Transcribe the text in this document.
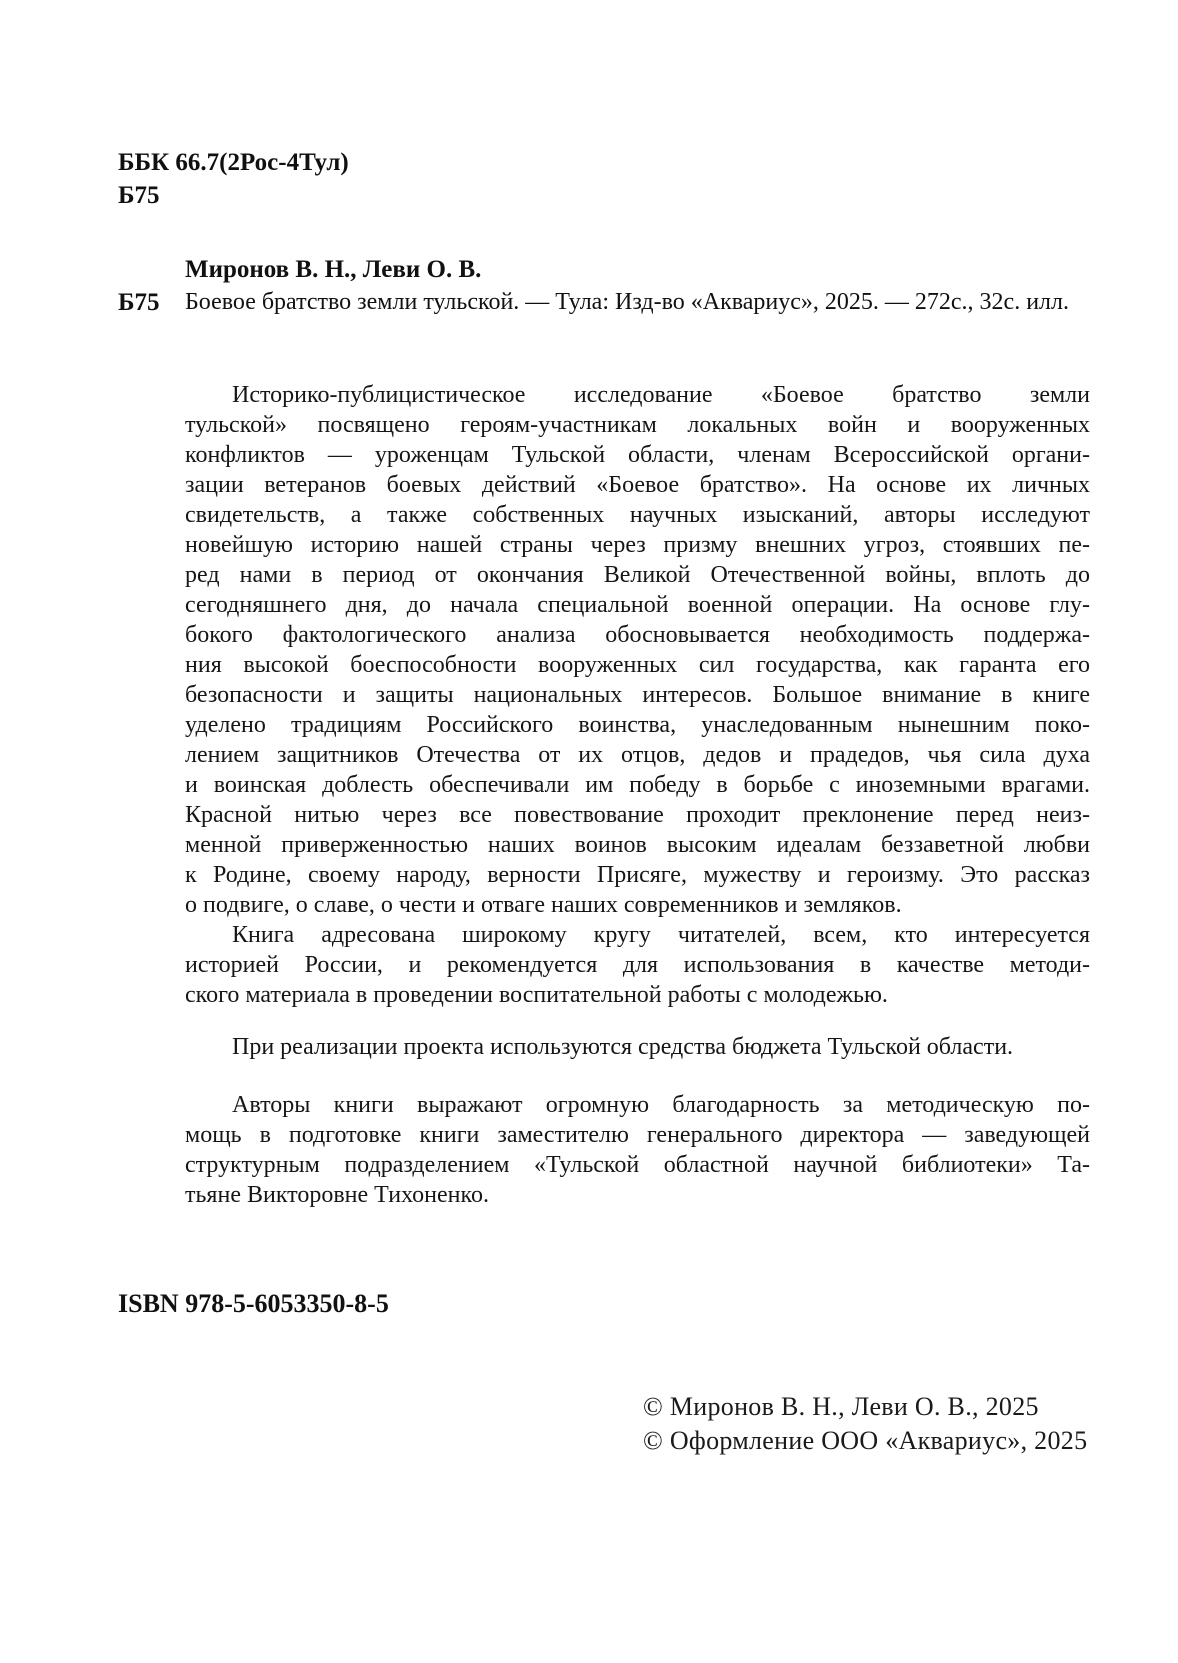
ББК 66.7(2Рос-4Тул)
Б75
Миронов В. Н., Леви О. В.
Б75 Боевое братство земли тульской. — Тула: Изд-во «Аквариус», 2025. — 272с., 32с. илл.
Историко-публицистическое исследование «Боевое братство земли
тульской» посвящено героям-участникам локальных войн и вооруженных
конфликтов — уроженцам Тульской области, членам Всероссийской органи-
зации ветеранов боевых действий «Боевое братство». На основе их личных
свидетельств, а также собственных научных изысканий, авторы исследуют
новейшую историю нашей страны через призму внешних угроз, стоявших пе-
ред нами в период от окончания Великой Отечественной войны, вплоть до
сегодняшнего дня, до начала специальной военной операции. На основе глу-
бокого фактологического анализа обосновывается необходимость поддержа-
ния высокой боеспособности вооруженных сил государства, как гаранта его
безопасности и защиты национальных интересов. Большое внимание в книге
уделено традициям Российского воинства, унаследованным нынешним поко-
лением защитников Отечества от их отцов, дедов и прадедов, чья сила духа
и воинская доблесть обеспечивали им победу в борьбе с иноземными врагами.
Красной нитью через все повествование проходит преклонение перед неиз-
менной приверженностью наших воинов высоким идеалам беззаветной любви
к Родине, своему народу, верности Присяге, мужеству и героизму. Это рассказ
о подвиге, о славе, о чести и отваге наших современников и земляков.
Книга адресована широкому кругу читателей, всем, кто интересуется
историей России, и рекомендуется для использования в качестве методи-
ского материала в проведении воспитательной работы с молодежью.
При реализации проекта используются средства бюджета Тульской области.
Авторы книги выражают огромную благодарность за методическую по-
мощь в подготовке книги заместителю генерального директора — заведующей
структурным подразделением «Тульской областной научной библиотеки» Та-
тьяне Викторовне Тихоненко.
ISBN 978-5-6053350-8-5
© Миронов В. Н., Леви О. В., 2025
© Оформление ООО «Аквариус», 2025
